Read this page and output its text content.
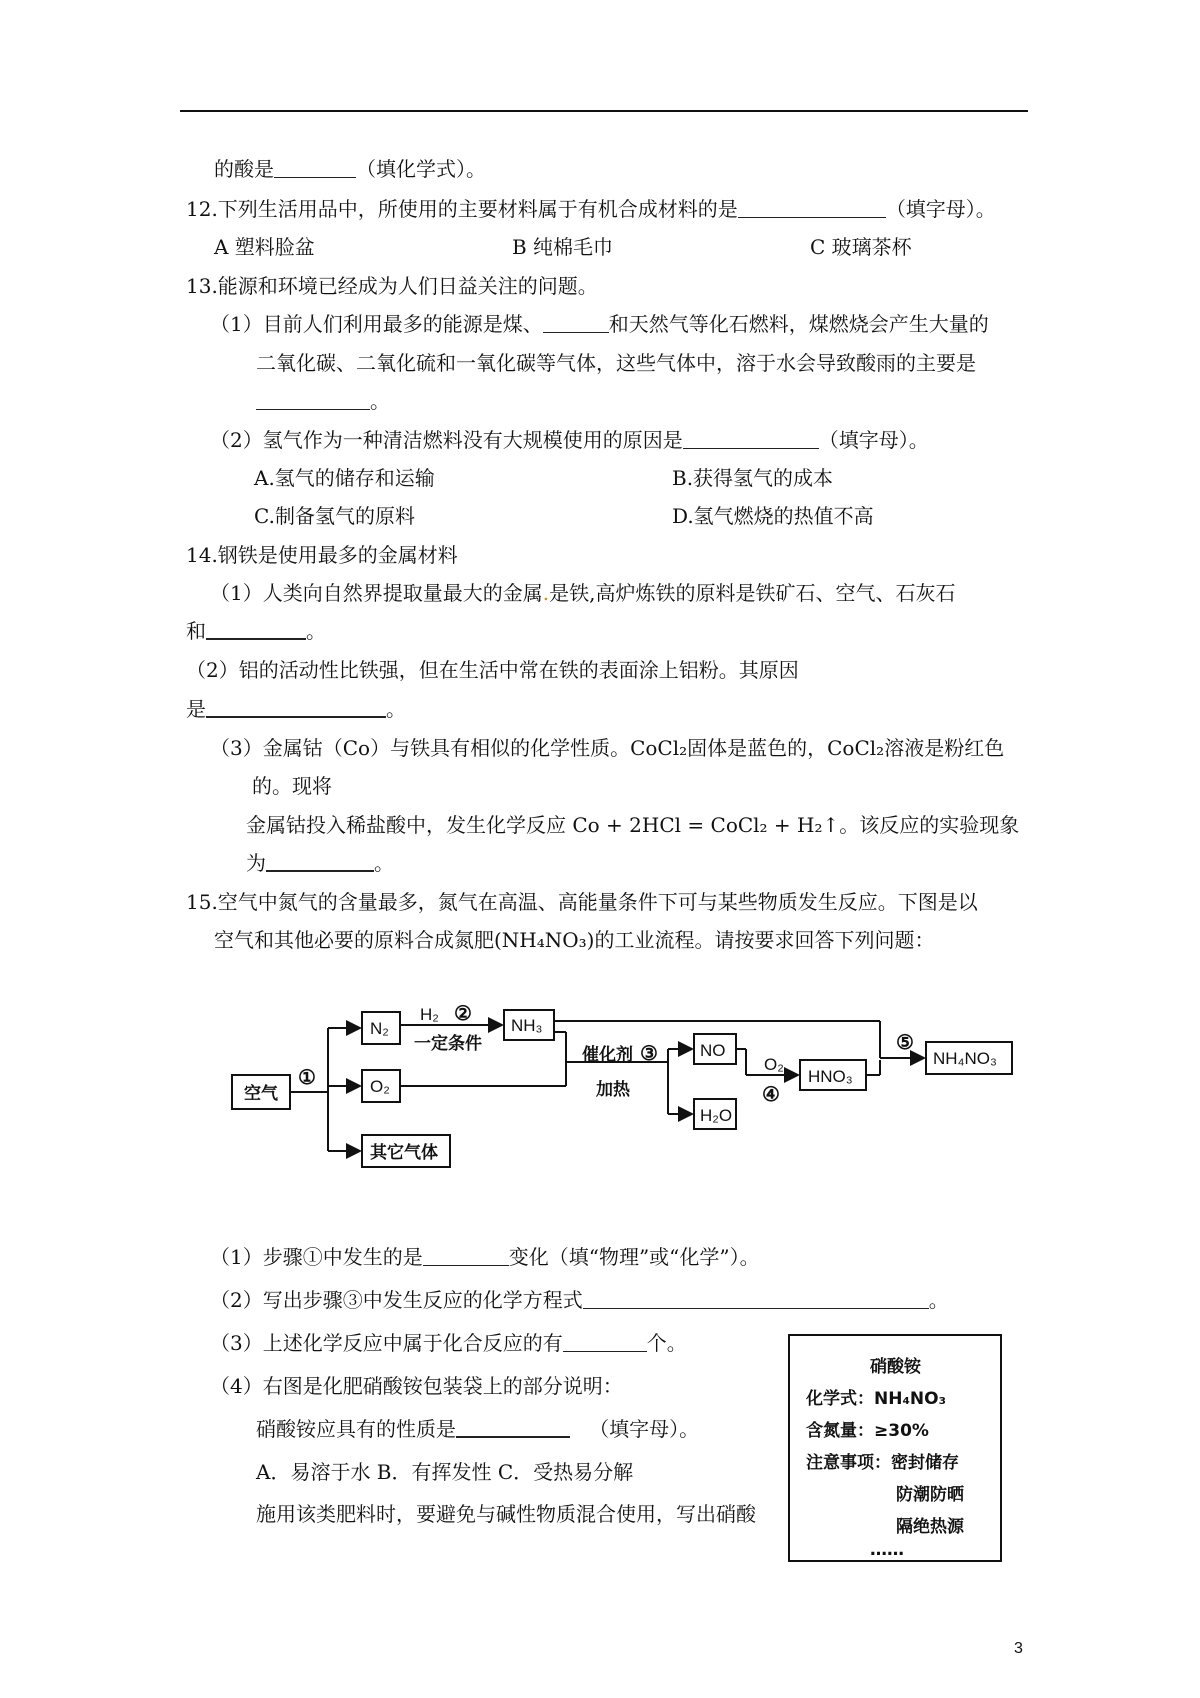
的酸是	（填化学式）。
12.下列生活用品中，所使用的主要材料属于有机合成材料的是	（填字母）。
A 塑料脸盆	B 纯棉毛巾	C 玻璃茶杯
13.能源和环境已经成为人们日益关注的问题。
（1）目前人们利用最多的能源是煤、	和天然气等化石燃料，煤燃烧会产生大量的
二氧化碳、二氧化硫和一氧化碳等气体，这些气体中，溶于水会导致酸雨的主要是
。
（2）氢气作为一种清洁燃料没有大规模使用的原因是	（填字母）。
A.氢气的储存和运输	B.获得氢气的成本
C.制备氢气的原料	D.氢气燃烧的热值不高
14.钢铁是使用最多的金属材料
（1）人类向自然界提取量最大的金属.是铁,高炉炼铁的原料是铁矿石、空气、石灰石
和	。
（2）铝的活动性比铁强，但在生活中常在铁的表面涂上铝粉。其原因
是	。
（3）金属钴（Co）与铁具有相似的化学性质。CoCl₂固体是蓝色的，CoCl₂溶液是粉红色
的。现将
金属钴投入稀盐酸中，发生化学反应 Co + 2HCl = CoCl₂ + H₂↑。该反应的实验现象
为	。
15.空气中氮气的含量最多，氮气在高温、高能量条件下可与某些物质发生反应。下图是以
空气和其他必要的原料合成氮肥(NH₄NO₃)的工业流程。请按要求回答下列问题：
空气
①
N₂
O₂
其它气体
H₂ ②
一定条件
NH₃
催化剂 ③
加热
NO
H₂O
O₂
④
HNO₃
⑤
NH₄NO₃
（1）步骤①中发生的是	变化（填“物理”或“化学”）。
（2）写出步骤③中发生反应的化学方程式	。
（3）上述化学反应中属于化合反应的有	个。
（4）右图是化肥硝酸铵包装袋上的部分说明：
硝酸铵应具有的性质是	（填字母）。
A．易溶于水 B．有挥发性 C．受热易分解
施用该类肥料时，要避免与碱性物质混合使用，写出硝酸
硝酸铵
化学式：NH₄NO₃
含氮量：≥30%
注意事项：密封储存
防潮防晒
隔绝热源
……
3
